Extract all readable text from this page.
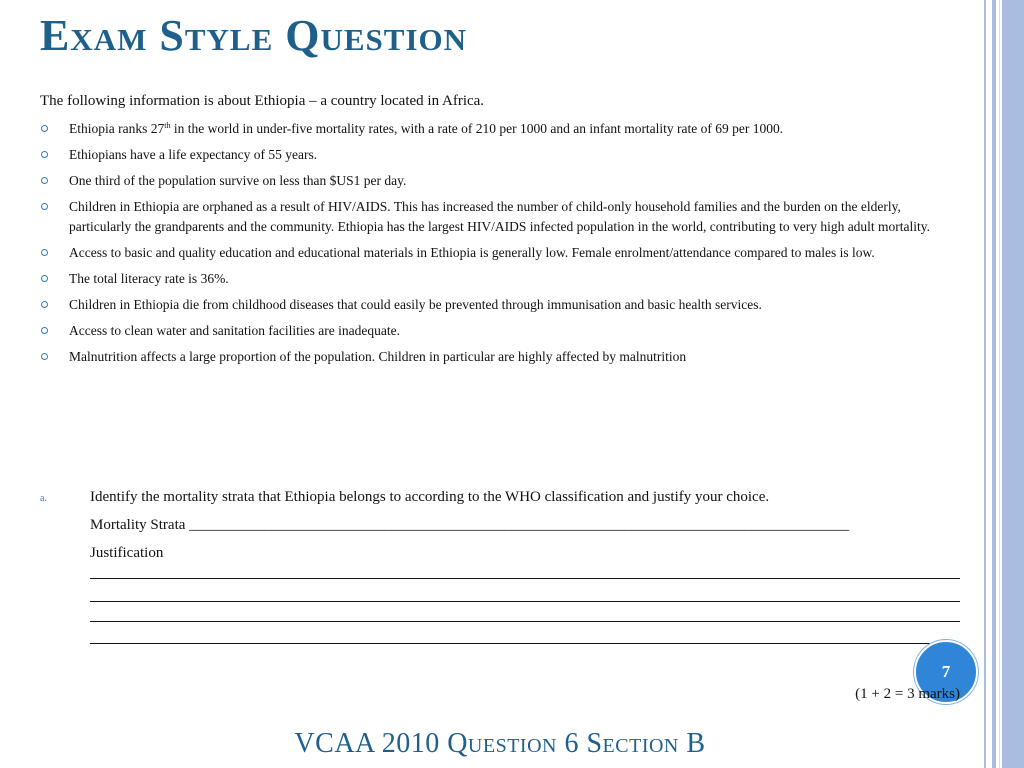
Exam Style Question

The following information is about Ethiopia – a country located in Africa.

Ethiopia ranks 27th in the world in under-five mortality rates, with a rate of 210 per 1000 and an infant mortality rate of 69 per 1000.
Ethiopians have a life expectancy of 55 years.
One third of the population survive on less than $US1 per day.
Children in Ethiopia are orphaned as a result of HIV/AIDS. This has increased the number of child-only household families and the burden on the elderly, particularly the grandparents and the community. Ethiopia has the largest HIV/AIDS infected population in the world, contributing to very high adult mortality.
Access to basic and quality education and educational materials in Ethiopia is generally low. Female enrolment/attendance compared to males is low.
The total literacy rate is 36%.
Children in Ethiopia die from childhood diseases that could easily be prevented through immunisation and basic health services.
Access to clean water and sanitation facilities are inadequate.
Malnutrition affects a large proportion of the population. Children in particular are highly affected by malnutrition
a.	Identify the mortality strata that Ethiopia belongs to according to the WHO classification and justify your choice.

Mortality Strata ________________________________________________________________________________________

Justification

7
(1 + 2 = 3 marks)
VCAA 2010 Question 6 Section B
